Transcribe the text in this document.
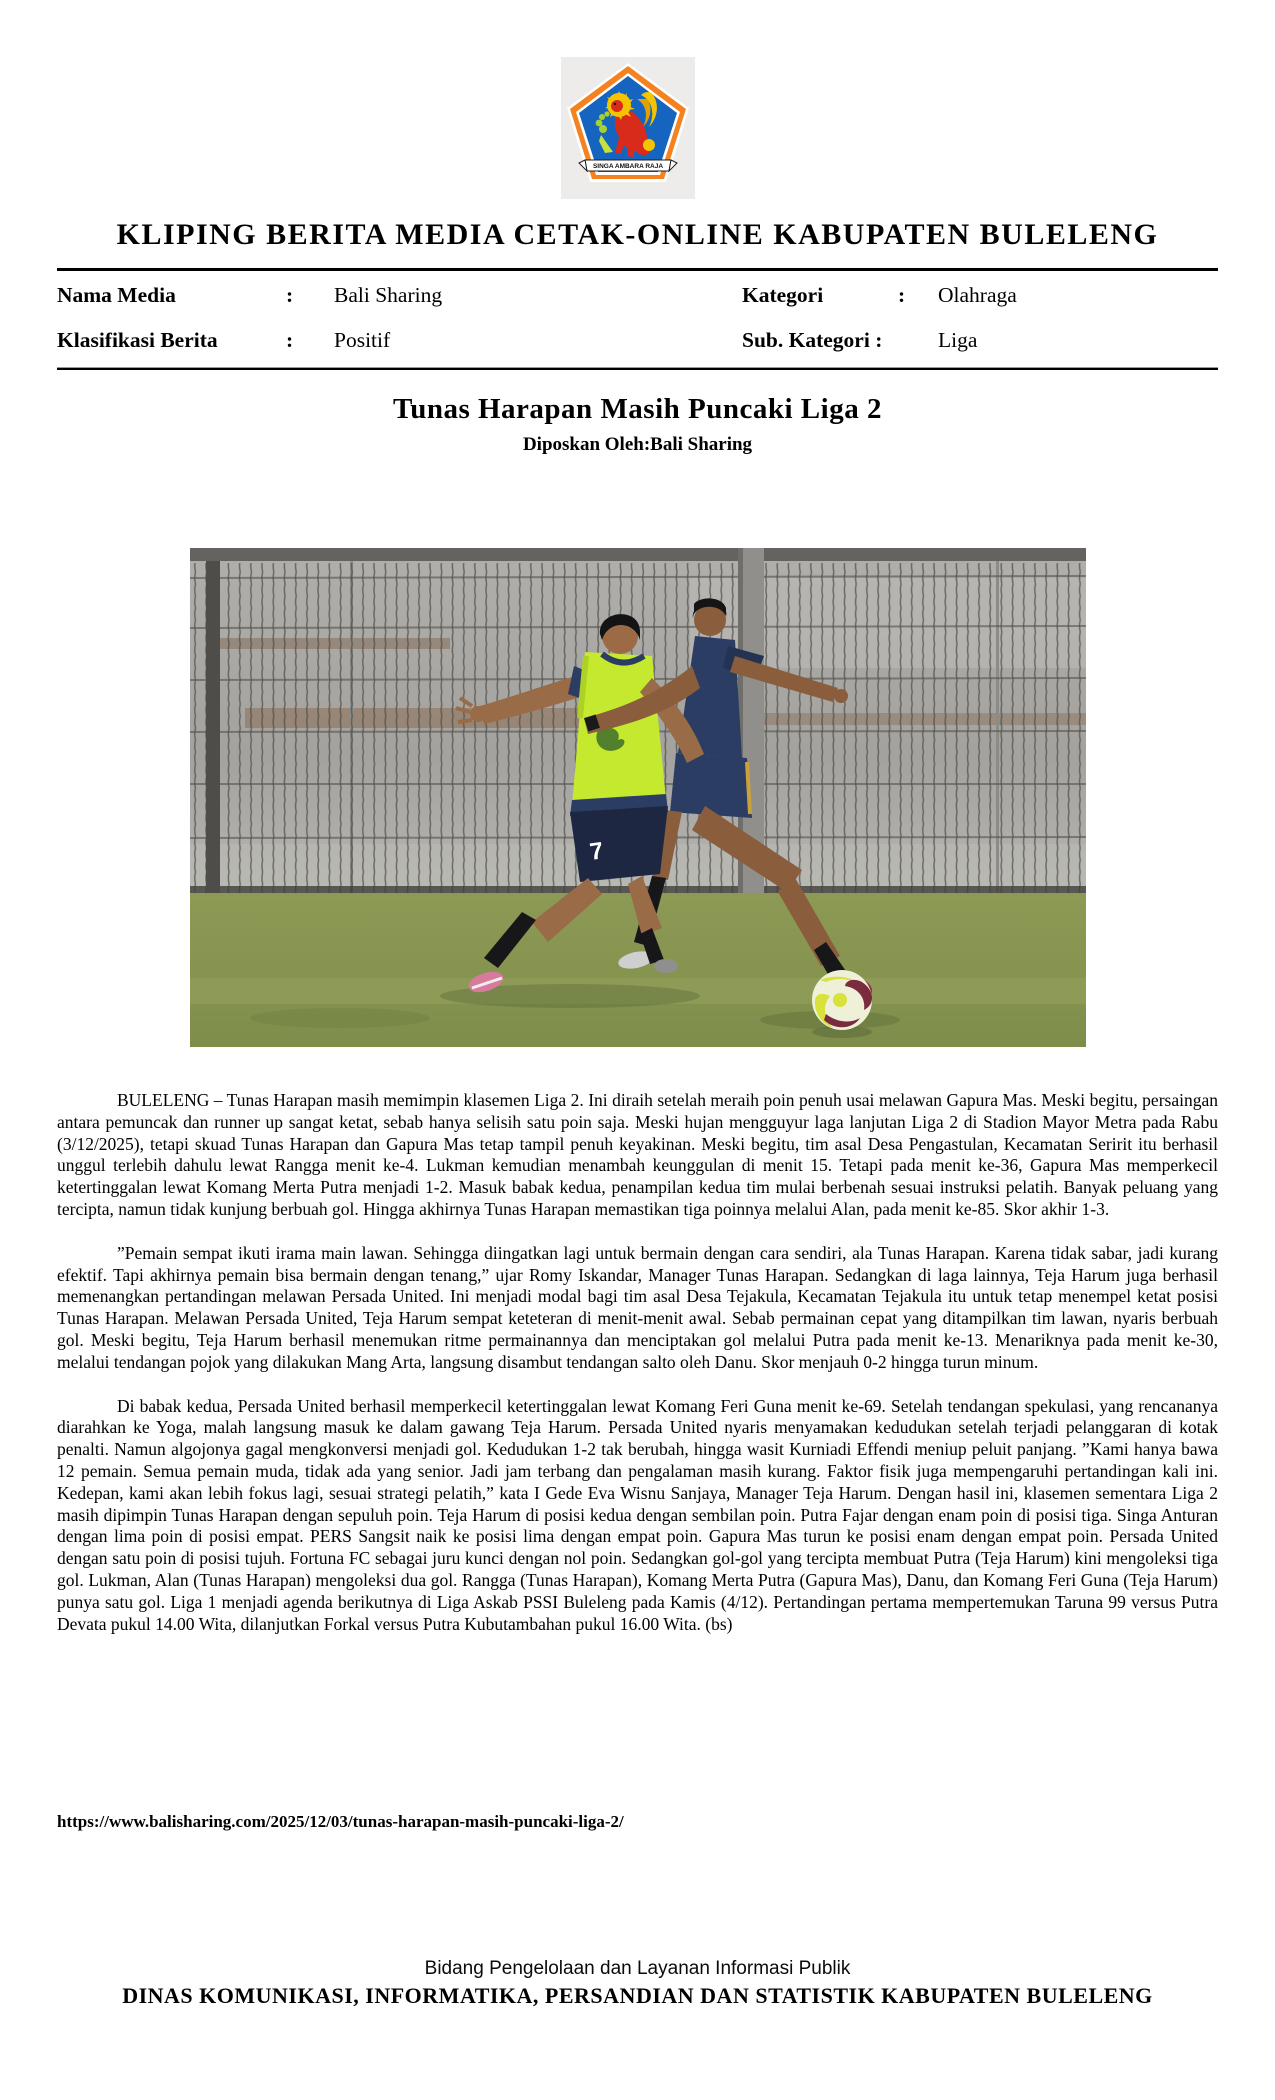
SINGA AMBARA RAJA
KLIPING BERITA MEDIA CETAK-ONLINE KABUPATEN BULELENG
Nama Media	: Bali Sharing	Kategori	: Olahraga
Klasifikasi Berita	: Positif	Sub. Kategori :	Liga
Tunas Harapan Masih Puncaki Liga 2
Diposkan Oleh:Bali Sharing
7

BULELENG – Tunas Harapan masih memimpin klasemen Liga 2. Ini diraih setelah meraih poin penuh usai melawan Gapura Mas. Meski begitu, persaingan antara pemuncak dan runner up sangat ketat, sebab hanya selisih satu poin saja. Meski hujan mengguyur laga lanjutan Liga 2 di Stadion Mayor Metra pada Rabu (3/12/2025), tetapi skuad Tunas Harapan dan Gapura Mas tetap tampil penuh keyakinan. Meski begitu, tim asal Desa Pengastulan, Kecamatan Seririt itu berhasil unggul terlebih dahulu lewat Rangga menit ke-4. Lukman kemudian menambah keunggulan di menit 15. Tetapi pada menit ke-36, Gapura Mas memperkecil ketertinggalan lewat Komang Merta Putra menjadi 1-2. Masuk babak kedua, penampilan kedua tim mulai berbenah sesuai instruksi pelatih. Banyak peluang yang tercipta, namun tidak kunjung berbuah gol. Hingga akhirnya Tunas Harapan memastikan tiga poinnya melalui Alan, pada menit ke-85. Skor akhir 1-3.

”Pemain sempat ikuti irama main lawan. Sehingga diingatkan lagi untuk bermain dengan cara sendiri, ala Tunas Harapan. Karena tidak sabar, jadi kurang efektif. Tapi akhirnya pemain bisa bermain dengan tenang,” ujar Romy Iskandar, Manager Tunas Harapan. Sedangkan di laga lainnya, Teja Harum juga berhasil memenangkan pertandingan melawan Persada United. Ini menjadi modal bagi tim asal Desa Tejakula, Kecamatan Tejakula itu untuk tetap menempel ketat posisi Tunas Harapan. Melawan Persada United, Teja Harum sempat keteteran di menit-menit awal. Sebab permainan cepat yang ditampilkan tim lawan, nyaris berbuah gol. Meski begitu, Teja Harum berhasil menemukan ritme permainannya dan menciptakan gol melalui Putra pada menit ke-13. Menariknya pada menit ke-30, melalui tendangan pojok yang dilakukan Mang Arta, langsung disambut tendangan salto oleh Danu. Skor menjauh 0-2 hingga turun minum.

Di babak kedua, Persada United berhasil memperkecil ketertinggalan lewat Komang Feri Guna menit ke-69. Setelah tendangan spekulasi, yang rencananya diarahkan ke Yoga, malah langsung masuk ke dalam gawang Teja Harum. Persada United nyaris menyamakan kedudukan setelah terjadi pelanggaran di kotak penalti. Namun algojonya gagal mengkonversi menjadi gol. Kedudukan 1-2 tak berubah, hingga wasit Kurniadi Effendi meniup peluit panjang. ”Kami hanya bawa 12 pemain. Semua pemain muda, tidak ada yang senior. Jadi jam terbang dan pengalaman masih kurang. Faktor fisik juga mempengaruhi pertandingan kali ini. Kedepan, kami akan lebih fokus lagi, sesuai strategi pelatih,” kata I Gede Eva Wisnu Sanjaya, Manager Teja Harum. Dengan hasil ini, klasemen sementara Liga 2 masih dipimpin Tunas Harapan dengan sepuluh poin. Teja Harum di posisi kedua dengan sembilan poin. Putra Fajar dengan enam poin di posisi tiga. Singa Anturan dengan lima poin di posisi empat. PERS Sangsit naik ke posisi lima dengan empat poin. Gapura Mas turun ke posisi enam dengan empat poin. Persada United dengan satu poin di posisi tujuh. Fortuna FC sebagai juru kunci dengan nol poin. Sedangkan gol-gol yang tercipta membuat Putra (Teja Harum) kini mengoleksi tiga gol. Lukman, Alan (Tunas Harapan) mengoleksi dua gol. Rangga (Tunas Harapan), Komang Merta Putra (Gapura Mas), Danu, dan Komang Feri Guna (Teja Harum) punya satu gol. Liga 1 menjadi agenda berikutnya di Liga Askab PSSI Buleleng pada Kamis (4/12). Pertandingan pertama mempertemukan Taruna 99 versus Putra Devata pukul 14.00 Wita, dilanjutkan Forkal versus Putra Kubutambahan pukul 16.00 Wita. (bs)

https://www.balisharing.com/2025/12/03/tunas-harapan-masih-puncaki-liga-2/
Bidang Pengelolaan dan Layanan Informasi Publik
DINAS KOMUNIKASI, INFORMATIKA, PERSANDIAN DAN STATISTIK KABUPATEN BULELENG
